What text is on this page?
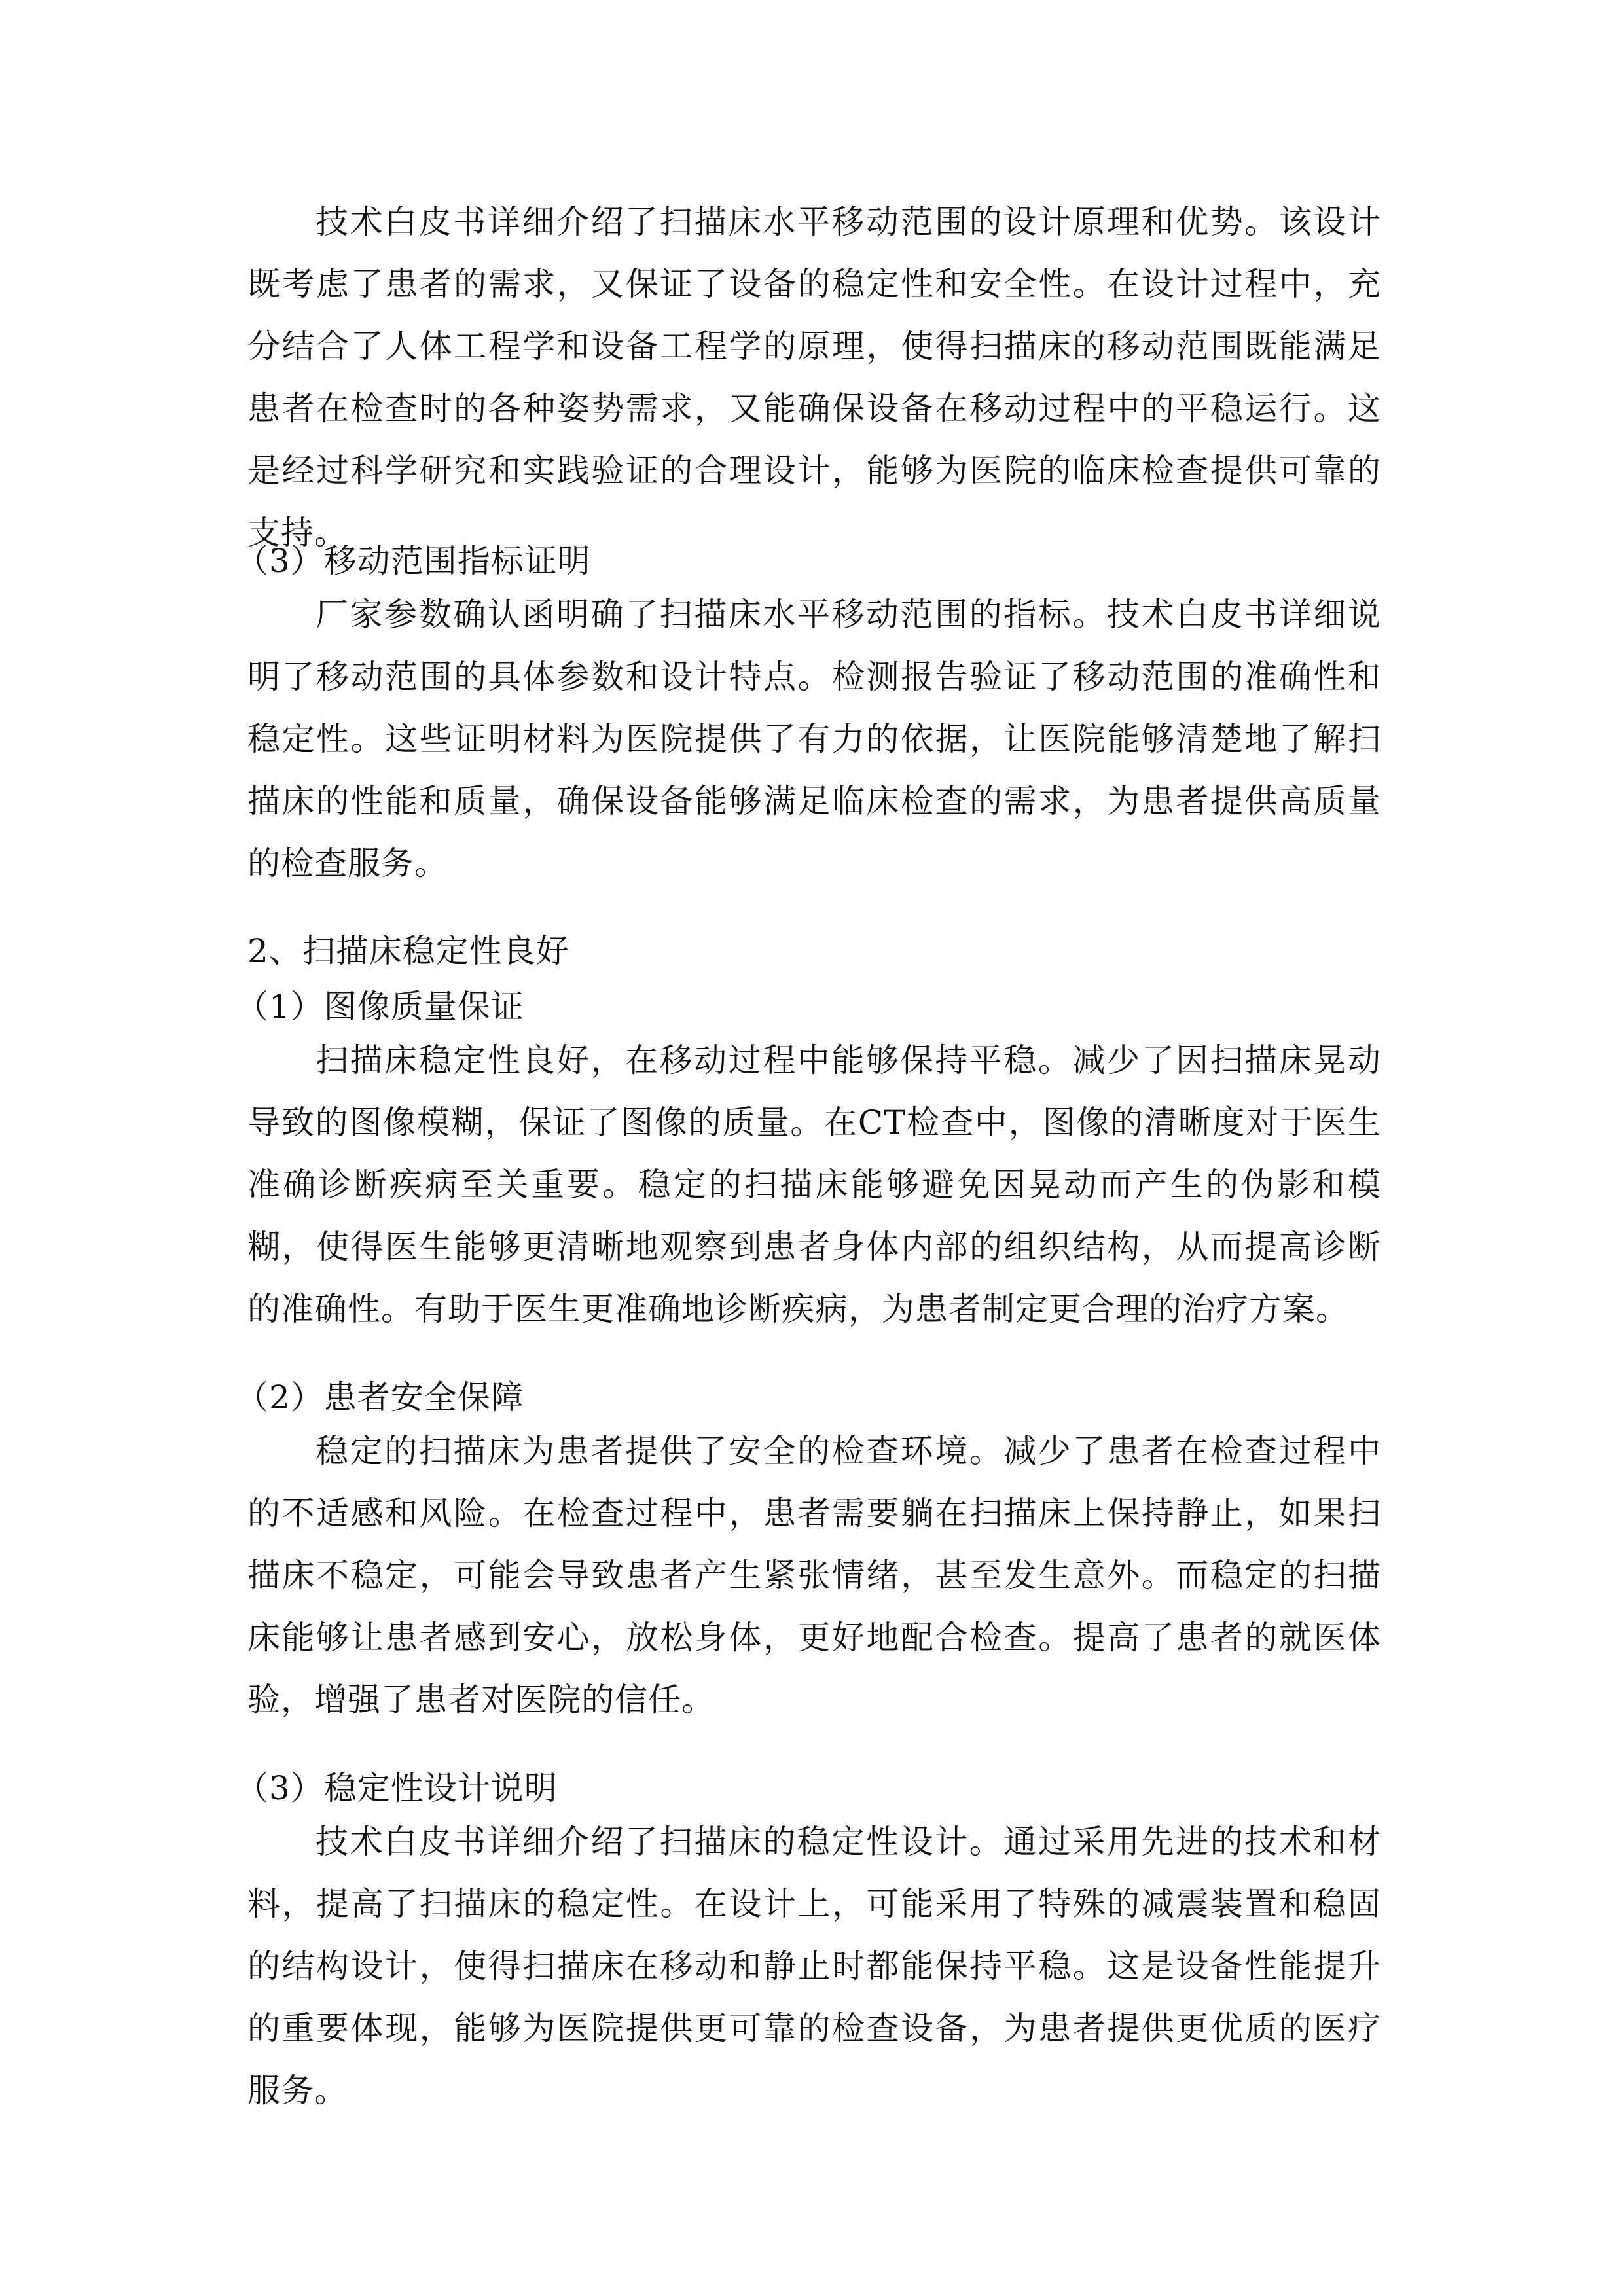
技术白皮书详细介绍了扫描床水平移动范围的设计原理和优势。该设计既考虑了患者的需求，又保证了设备的稳定性和安全性。在设计过程中，充分结合了人体工程学和设备工程学的原理，使得扫描床的移动范围既能满足患者在检查时的各种姿势需求，又能确保设备在移动过程中的平稳运行。这是经过科学研究和实践验证的合理设计，能够为医院的临床检查提供可靠的支持。

（3）移动范围指标证明

厂家参数确认函明确了扫描床水平移动范围的指标。技术白皮书详细说明了移动范围的具体参数和设计特点。检测报告验证了移动范围的准确性和稳定性。这些证明材料为医院提供了有力的依据，让医院能够清楚地了解扫描床的性能和质量，确保设备能够满足临床检查的需求，为患者提供高质量的检查服务。

2、扫描床稳定性良好

（1）图像质量保证

扫描床稳定性良好，在移动过程中能够保持平稳。减少了因扫描床晃动导致的图像模糊，保证了图像的质量。在CT检查中，图像的清晰度对于医生准确诊断疾病至关重要。稳定的扫描床能够避免因晃动而产生的伪影和模糊，使得医生能够更清晰地观察到患者身体内部的组织结构，从而提高诊断的准确性。有助于医生更准确地诊断疾病，为患者制定更合理的治疗方案。

（2）患者安全保障

稳定的扫描床为患者提供了安全的检查环境。减少了患者在检查过程中的不适感和风险。在检查过程中，患者需要躺在扫描床上保持静止，如果扫描床不稳定，可能会导致患者产生紧张情绪，甚至发生意外。而稳定的扫描床能够让患者感到安心，放松身体，更好地配合检查。提高了患者的就医体验，增强了患者对医院的信任。

（3）稳定性设计说明

技术白皮书详细介绍了扫描床的稳定性设计。通过采用先进的技术和材料，提高了扫描床的稳定性。在设计上，可能采用了特殊的减震装置和稳固的结构设计，使得扫描床在移动和静止时都能保持平稳。这是设备性能提升的重要体现，能够为医院提供更可靠的检查设备，为患者提供更优质的医疗服务。
